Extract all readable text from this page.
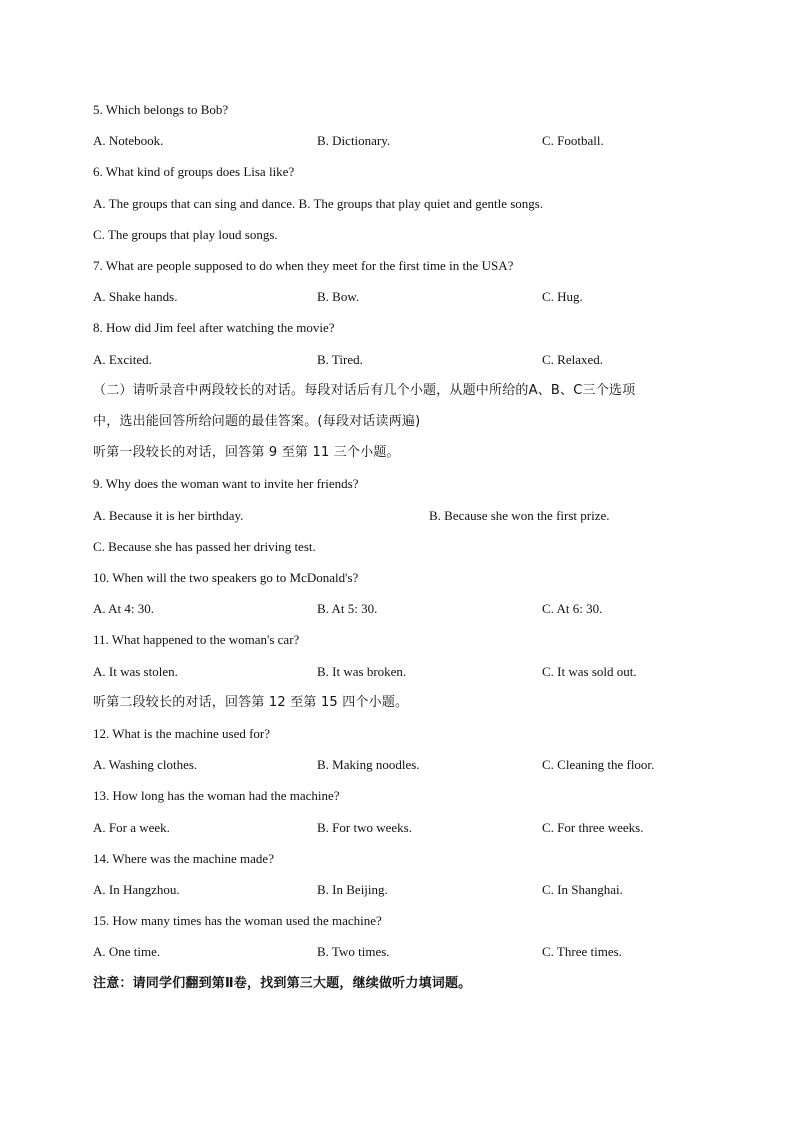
5. Which belongs to Bob?
A. Notebook.	B. Dictionary.	C. Football.
6. What kind of groups does Lisa like?
A. The groups that can sing and dance. B. The groups that play quiet and gentle songs.
C. The groups that play loud songs.
7. What are people supposed to do when they meet for the first time in the USA?
A. Shake hands.	B. Bow.	C. Hug.
8. How did Jim feel after watching the movie?
A. Excited.	B. Tired.	C. Relaxed.
（二）请听录音中两段较长的对话。每段对话后有几个小题，从题中所给的A、B、C三个选项
中，选出能回答所给问题的最佳答案。(每段对话读两遍)
听第一段较长的对话，回答第 9 至第 11 三个小题。
9. Why does the woman want to invite her friends?
A. Because it is her birthday.	B. Because she won the first prize.
C. Because she has passed her driving test.
10. When will the two speakers go to McDonald's?
A. At 4: 30.	B. At 5: 30.	C. At 6: 30.
11. What happened to the woman's car?
A. It was stolen.	B. It was broken.	C. It was sold out.
听第二段较长的对话，回答第 12 至第 15 四个小题。
12. What is the machine used for?
A. Washing clothes.	B. Making noodles.	C. Cleaning the floor.
13. How long has the woman had the machine?
A. For a week.	B. For two weeks.	C. For three weeks.
14. Where was the machine made?
A. In Hangzhou.	B. In Beijing.	C. In Shanghai.
15. How many times has the woman used the machine?
A. One time.	B. Two times.	C. Three times.
注意：请同学们翻到第Ⅱ卷，找到第三大题，继续做听力填词题。
